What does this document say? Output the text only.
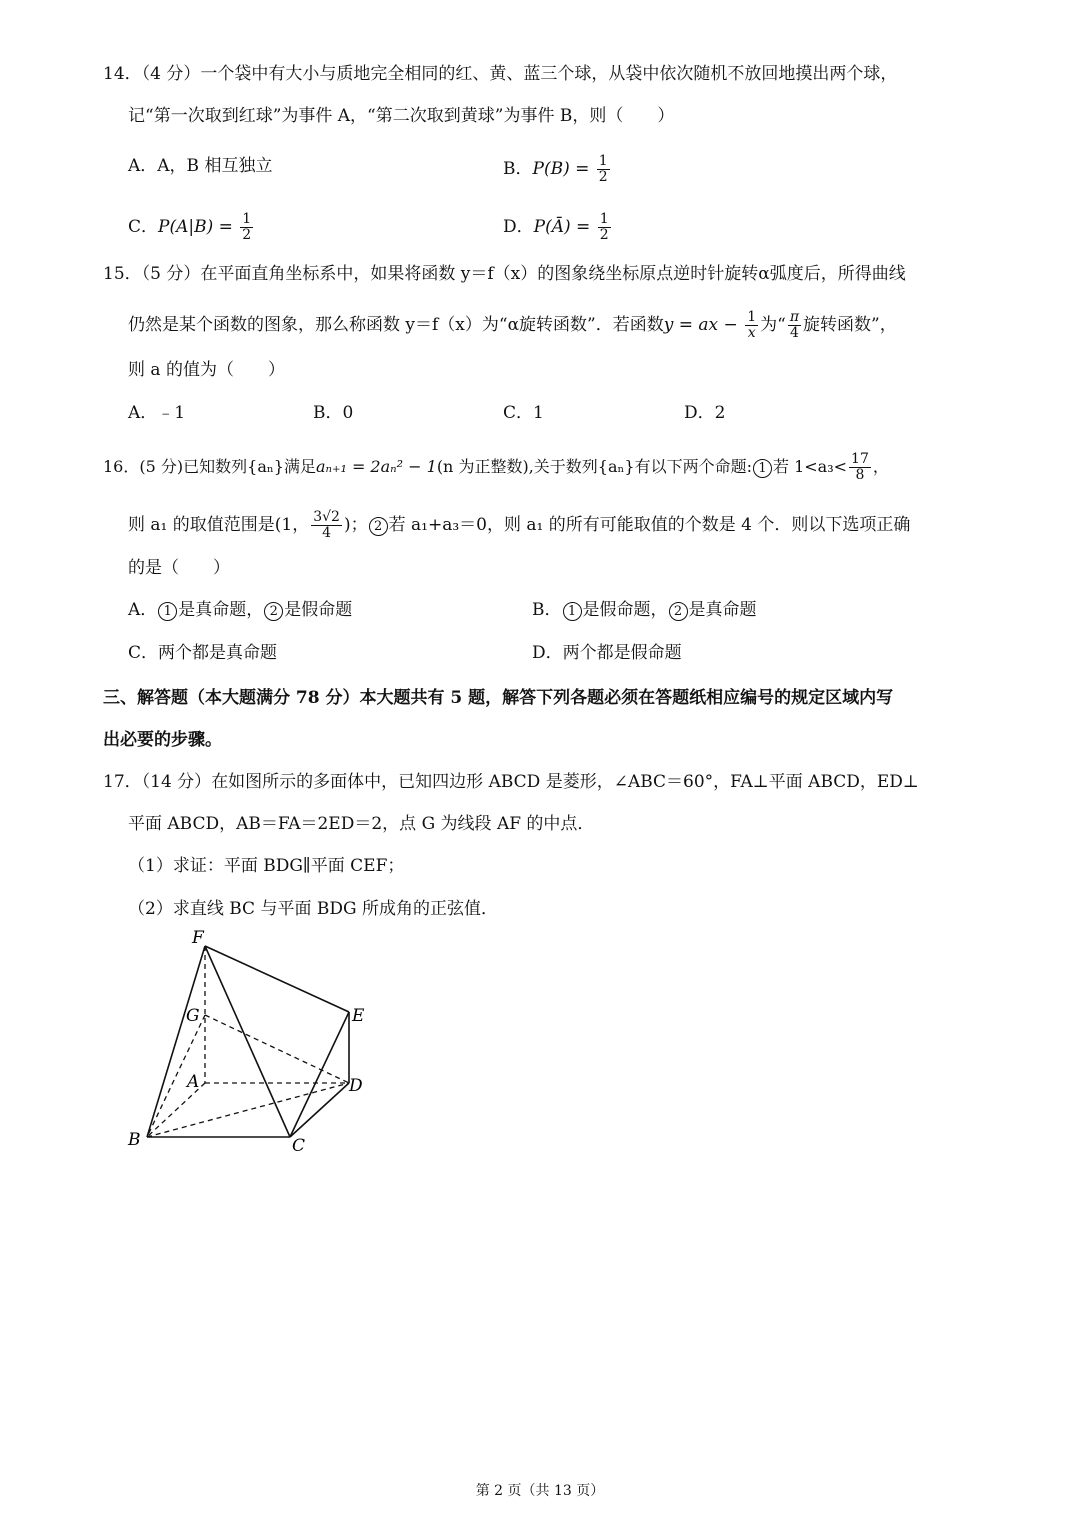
14．（4 分）一个袋中有大小与质地完全相同的红、黄、蓝三个球，从袋中依次随机不放回地摸出两个球，
记“第一次取到红球”为事件 A，“第二次取到黄球”为事件 B，则（　　）
A．A，B 相互独立	B．$P(B) = \frac{1}{2}$
C．$P(A|B) = \frac{1}{2}$	D．P(Ā) = $\frac{1}{2}$
15．（5 分）在平面直角坐标系中，如果将函数 y＝f（x）的图象绕坐标原点逆时针旋转α弧度后，所得曲线
仍然是某个函数的图象，那么称函数 y＝f（x）为“α旋转函数”．若函数y = ax − $\frac{1}{x}$ 为“ $\frac{\pi}{4}$ 旋转函数”，
则 a 的值为（　　）
A．﹣1	B．0	C．1	D．2
16．(5 分)已知数列{aₙ}满足aₙ₊₁ = 2aₙ² − 1(n 为正整数),关于数列{aₙ}有以下两个命题: 1 若 $1<a_3< \frac{17}{8}$ ，
则 a₁ 的取值范围是(1， $\frac{3√2}{4}$ )； 2 若 a₁+a₃＝0，则 a₁ 的所有可能取值的个数是 4 个．则以下选项正确
的是（　　）
A． 1 是真命题， 2 是假命题	B． 1 是假命题， 2 是真命题
C．两个都是真命题	D．两个都是假命题
三、解答题（本大题满分 78 分）本大题共有 5 题，解答下列各题必须在答题纸相应编号的规定区域内写
出必要的步骤。
17．（14 分）在如图所示的多面体中，已知四边形 ABCD 是菱形，∠ABC＝60°，FA⊥平面 ABCD，ED⊥
平面 ABCD，AB＝FA＝2ED＝2，点 G 为线段 AF 的中点．
（1）求证：平面 BDG∥平面 CEF；
（2）求直线 BC 与平面 BDG 所成角的正弦值．
F
G	E
A	D
B	C
第 2 页（共 13 页）
